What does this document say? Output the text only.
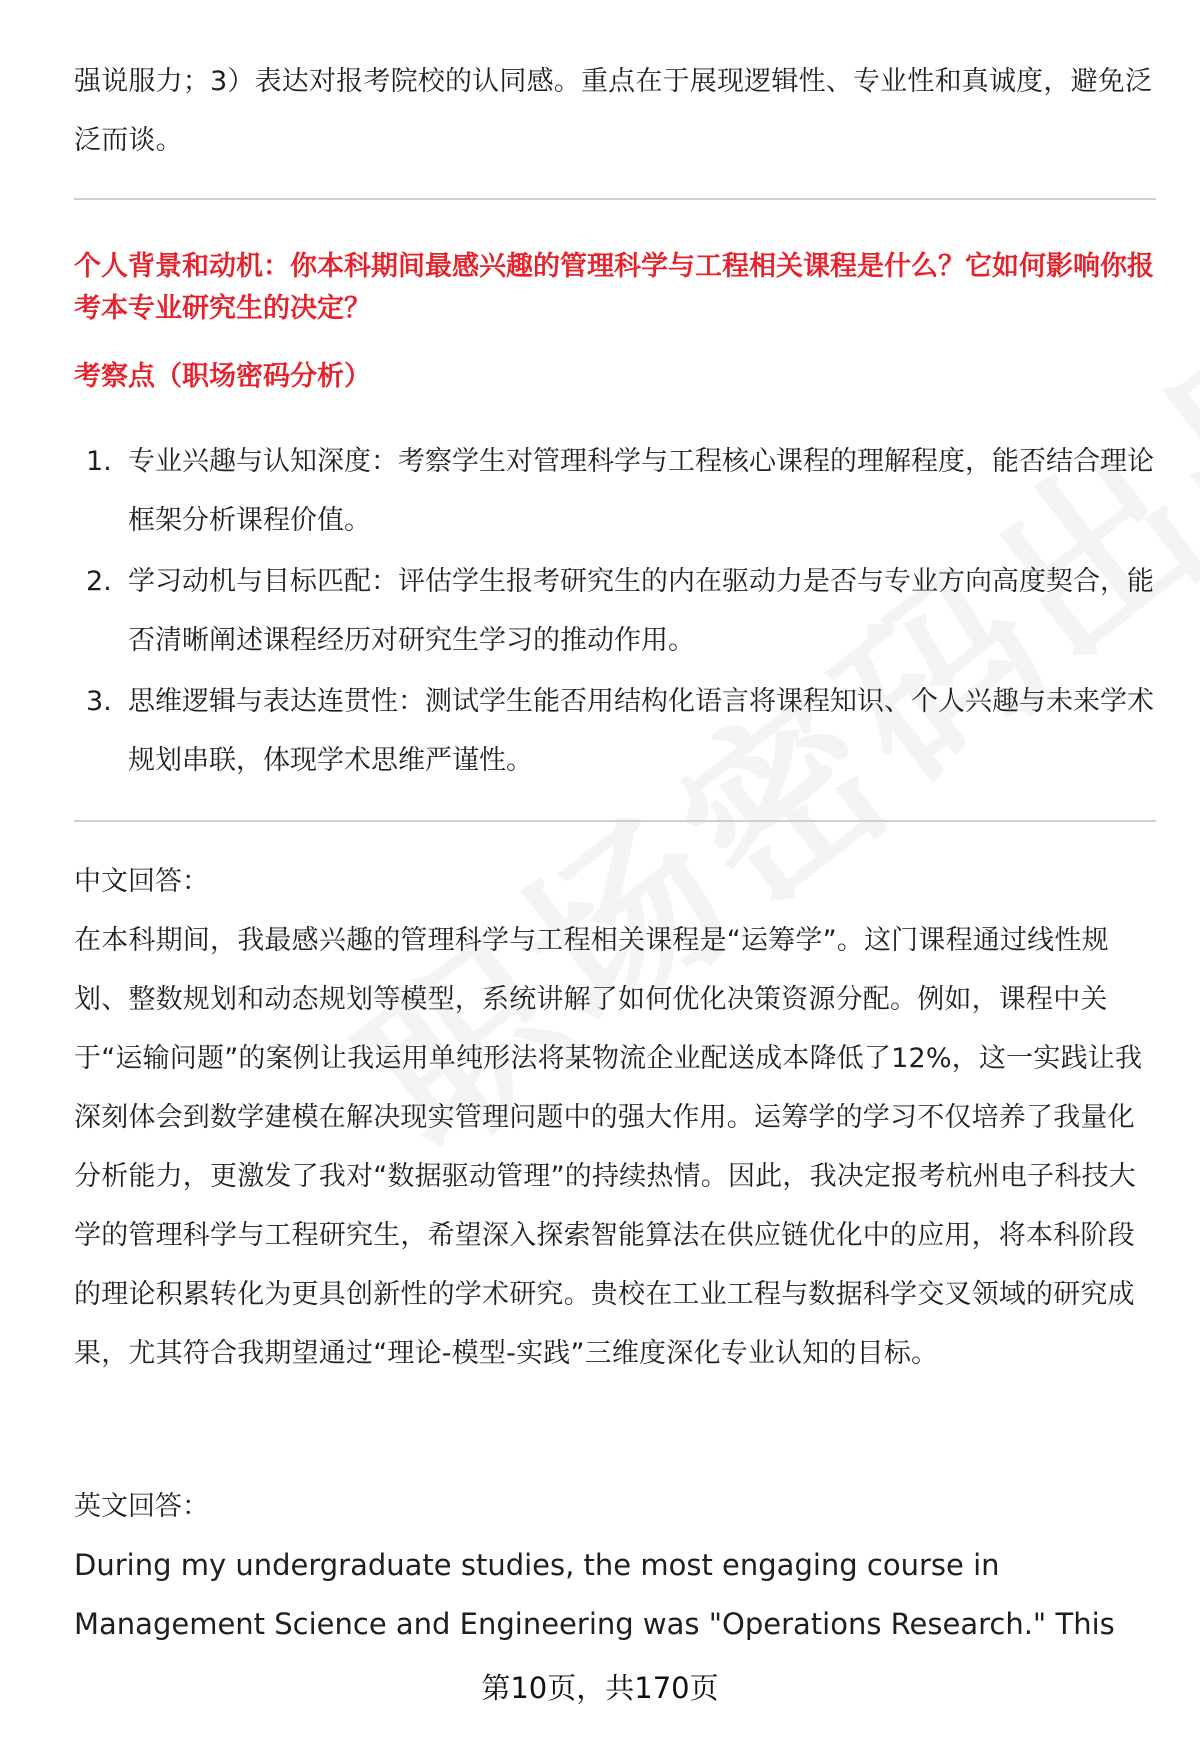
强说服力；3）表达对报考院校的认同感。重点在于展现逻辑性、专业性和真诚度，避免泛泛而谈。

个人背景和动机：你本科期间最感兴趣的管理科学与工程相关课程是什么？它如何影响你报考本专业研究生的决定？

考察点（职场密码分析）

1. 专业兴趣与认知深度：考察学生对管理科学与工程核心课程的理解程度，能否结合理论框架分析课程价值。
2. 学习动机与目标匹配：评估学生报考研究生的内在驱动力是否与专业方向高度契合，能否清晰阐述课程经历对研究生学习的推动作用。
3. 思维逻辑与表达连贯性：测试学生能否用结构化语言将课程知识、个人兴趣与未来学术规划串联，体现学术思维严谨性。

中文回答：

在本科期间，我最感兴趣的管理科学与工程相关课程是“运筹学”。这门课程通过线性规划、整数规划和动态规划等模型，系统讲解了如何优化决策资源分配。例如，课程中关于“运输问题”的案例让我运用单纯形法将某物流企业配送成本降低了12%，这一实践让我深刻体会到数学建模在解决现实管理问题中的强大作用。运筹学的学习不仅培养了我量化分析能力，更激发了我对“数据驱动管理”的持续热情。因此，我决定报考杭州电子科技大学的管理科学与工程研究生，希望深入探索智能算法在供应链优化中的应用，将本科阶段的理论积累转化为更具创新性的学术研究。贵校在工业工程与数据科学交叉领域的研究成果，尤其符合我期望通过“理论-模型-实践”三维度深化专业认知的目标。

英文回答：

During my undergraduate studies, the most engaging course in

Management Science and Engineering was "Operations Research." This

第10页，共170页
